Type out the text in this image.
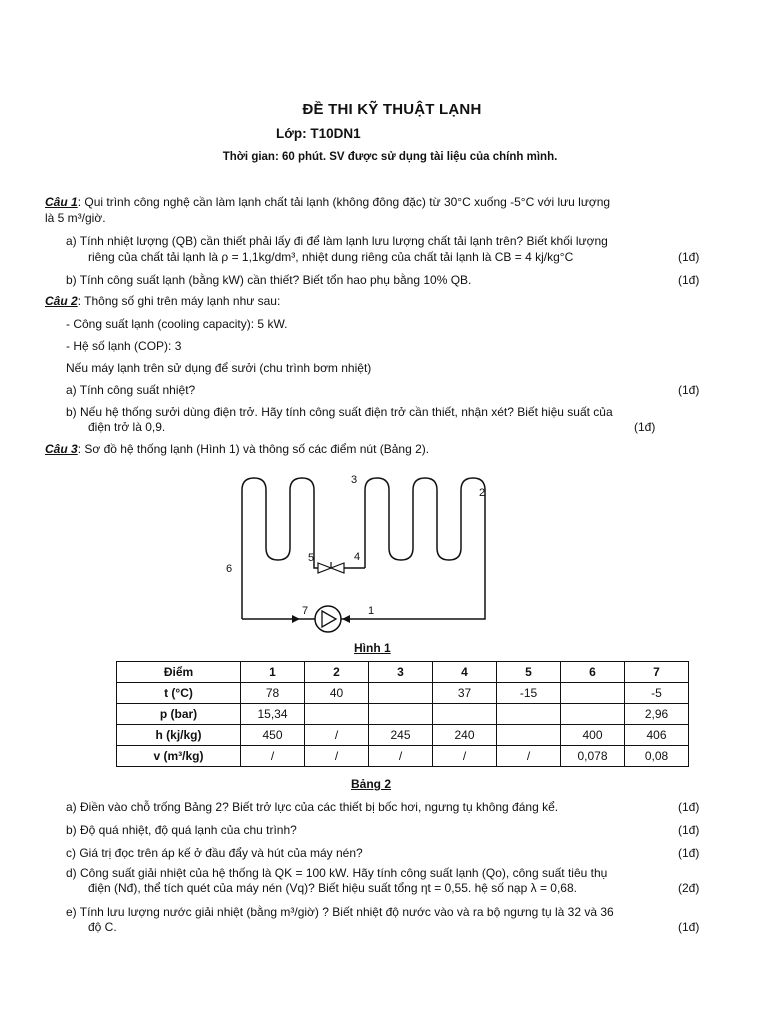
ĐỀ THI KỸ THUẬT LẠNH
Lớp: T10DN1
Thời gian: 60 phút. SV được sử dụng tài liệu của chính mình.
Câu 1: Qui trình công nghệ cần làm lạnh chất tải lạnh (không đông đặc) từ 30°C xuống -5°C với lưu lượng
là 5 m³/giờ.
a) Tính nhiệt lượng (QB) cần thiết phải lấy đi để làm lạnh lưu lượng chất tải lạnh trên? Biết khối lượng
riêng của chất tải lạnh là ρ = 1,1kg/dm³, nhiệt dung riêng của chất tải lạnh là CB = 4 kj/kg°C	(1đ)
b) Tính công suất lạnh (bằng kW) cần thiết? Biết tổn hao phụ bằng 10% QB.	(1đ)
Câu 2: Thông số ghi trên máy lạnh như sau:
- Công suất lạnh (cooling capacity): 5 kW.
- Hệ số lạnh (COP): 3
Nếu máy lạnh trên sử dụng để sưởi (chu trình bơm nhiệt)
a) Tính công suất nhiệt?	(1đ)
b) Nếu hệ thống sưởi dùng điện trở. Hãy tính công suất điện trở cần thiết, nhận xét? Biết hiệu suất của
điện trở là 0,9.	(1đ)
Câu 3: Sơ đồ hệ thống lạnh (Hình 1) và thông số các điểm nút (Bảng 2).
1
2
3
4
5
6
7
Hình 1
Điểm	1	2	3	4	5	6	7
t (°C)	78	40		37	-15		-5
p (bar)	15,34						2,96
h (kj/kg)	450	/	245	240		400	406
v (m³/kg)	/	/	/	/	/	0,078	0,08
Bảng 2
a) Điền vào chỗ trống Bảng 2? Biết trở lực của các thiết bị bốc hơi, ngưng tụ không đáng kể.	(1đ)
b) Độ quá nhiệt, độ quá lạnh của chu trình?	(1đ)
c) Giá trị đọc trên áp kế ở đầu đẩy và hút của máy nén?	(1đ)
d) Công suất giải nhiệt của hệ thống là QK = 100 kW. Hãy tính công suất lạnh (Qo), công suất tiêu thụ
điện (Nđ), thể tích quét của máy nén (Vq)? Biết hiệu suất tổng ηt = 0,55. hệ số nạp λ = 0,68.	(2đ)
e) Tính lưu lượng nước giải nhiệt (bằng m³/giờ) ? Biết nhiệt độ nước vào và ra bộ ngưng tụ là 32 và 36
độ C.	(1đ)
